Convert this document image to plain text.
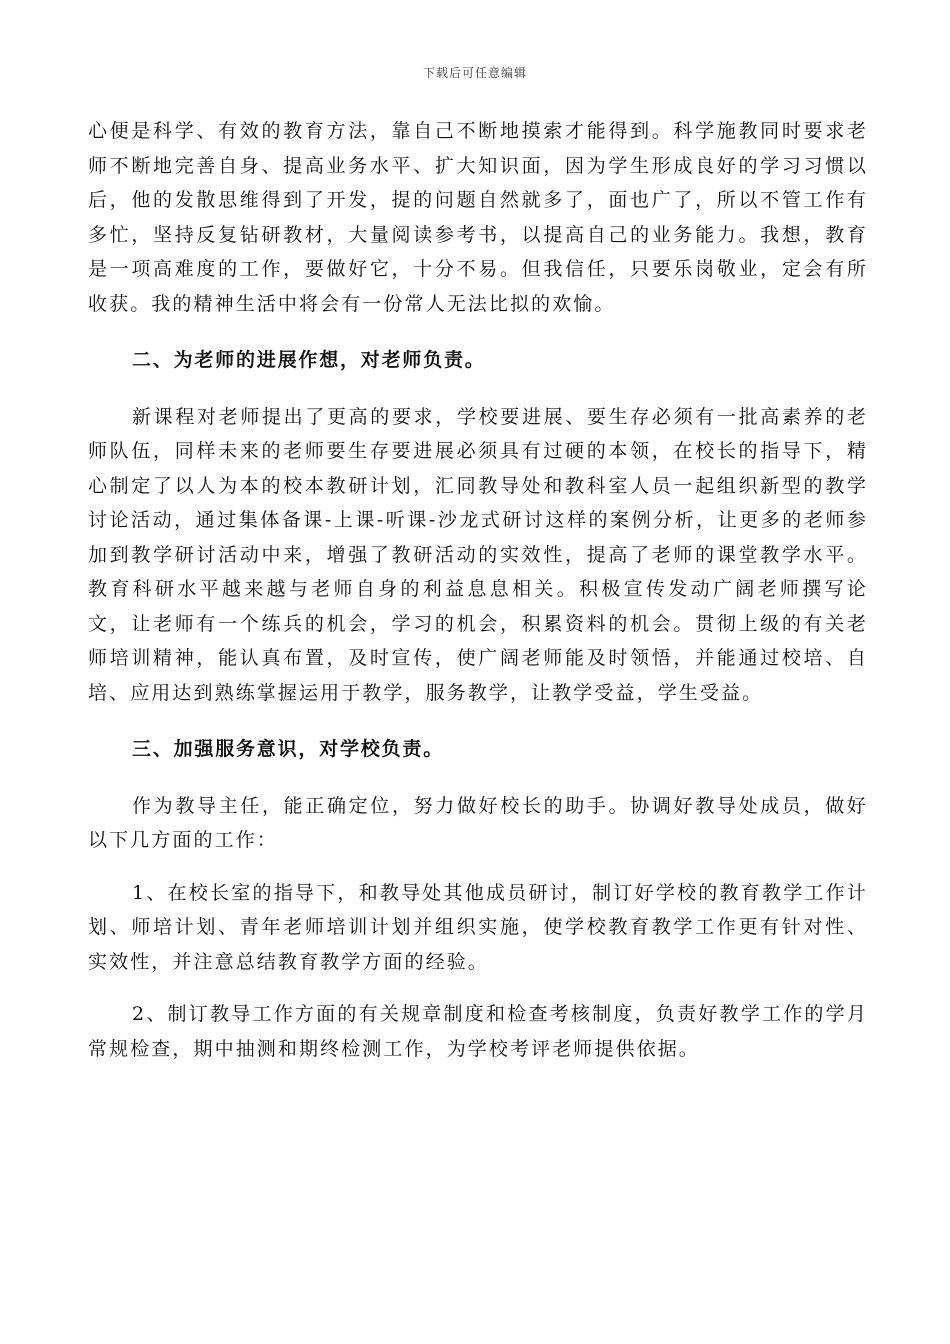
下载后可任意编辑

心便是科学、有效的教育方法，靠自己不断地摸索才能得到。科学施教同时要求老师不断地完善自身、提高业务水平、扩大知识面，因为学生形成良好的学习习惯以后，他的发散思维得到了开发，提的问题自然就多了，面也广了，所以不管工作有多忙，坚持反复钻研教材，大量阅读参考书，以提高自己的业务能力。我想，教育是一项高难度的工作，要做好它，十分不易。但我信任，只要乐岗敬业，定会有所收获。我的精神生活中将会有一份常人无法比拟的欢愉。

二、为老师的进展作想，对老师负责。

新课程对老师提出了更高的要求，学校要进展、要生存必须有一批高素养的老师队伍，同样未来的老师要生存要进展必须具有过硬的本领，在校长的指导下，精心制定了以人为本的校本教研计划，汇同教导处和教科室人员一起组织新型的教学讨论活动，通过集体备课-上课-听课-沙龙式研讨这样的案例分析，让更多的老师参加到教学研讨活动中来，增强了教研活动的实效性，提高了老师的课堂教学水平。教育科研水平越来越与老师自身的利益息息相关。积极宣传发动广阔老师撰写论文，让老师有一个练兵的机会，学习的机会，积累资料的机会。贯彻上级的有关老师培训精神，能认真布置，及时宣传，使广阔老师能及时领悟，并能通过校培、自培、应用达到熟练掌握运用于教学，服务教学，让教学受益，学生受益。

三、加强服务意识，对学校负责。

作为教导主任，能正确定位，努力做好校长的助手。协调好教导处成员，做好以下几方面的工作：

1、在校长室的指导下，和教导处其他成员研讨，制订好学校的教育教学工作计划、师培计划、青年老师培训计划并组织实施，使学校教育教学工作更有针对性、实效性，并注意总结教育教学方面的经验。

2、制订教导工作方面的有关规章制度和检查考核制度，负责好教学工作的学月常规检查，期中抽测和期终检测工作，为学校考评老师提供依据。
